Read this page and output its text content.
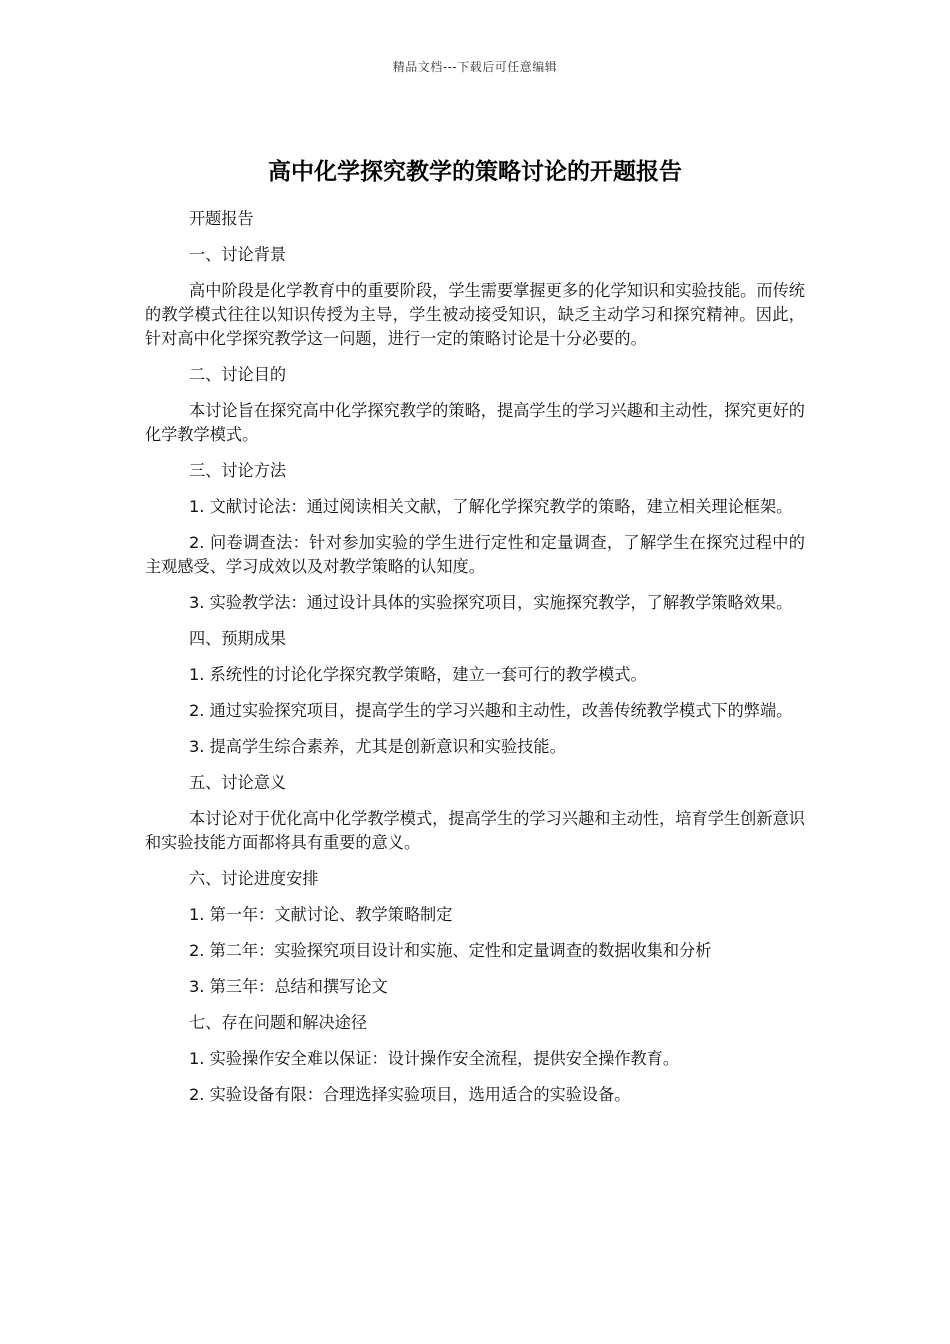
精品文档---下载后可任意编辑
高中化学探究教学的策略讨论的开题报告

开题报告

一、讨论背景

高中阶段是化学教育中的重要阶段，学生需要掌握更多的化学知识和实验技能。而传统的教学模式往往以知识传授为主导，学生被动接受知识，缺乏主动学习和探究精神。因此，针对高中化学探究教学这一问题，进行一定的策略讨论是十分必要的。

二、讨论目的

本讨论旨在探究高中化学探究教学的策略，提高学生的学习兴趣和主动性，探究更好的化学教学模式。

三、讨论方法

1. 文献讨论法：通过阅读相关文献，了解化学探究教学的策略，建立相关理论框架。

2. 问卷调查法：针对参加实验的学生进行定性和定量调查，了解学生在探究过程中的主观感受、学习成效以及对教学策略的认知度。

3. 实验教学法：通过设计具体的实验探究项目，实施探究教学，了解教学策略效果。

四、预期成果

1. 系统性的讨论化学探究教学策略，建立一套可行的教学模式。

2. 通过实验探究项目，提高学生的学习兴趣和主动性，改善传统教学模式下的弊端。

3. 提高学生综合素养，尤其是创新意识和实验技能。

五、讨论意义

本讨论对于优化高中化学教学模式，提高学生的学习兴趣和主动性，培育学生创新意识和实验技能方面都将具有重要的意义。

六、讨论进度安排

1. 第一年：文献讨论、教学策略制定

2. 第二年：实验探究项目设计和实施、定性和定量调查的数据收集和分析

3. 第三年：总结和撰写论文

七、存在问题和解决途径

1. 实验操作安全难以保证：设计操作安全流程，提供安全操作教育。

2. 实验设备有限：合理选择实验项目，选用适合的实验设备。
